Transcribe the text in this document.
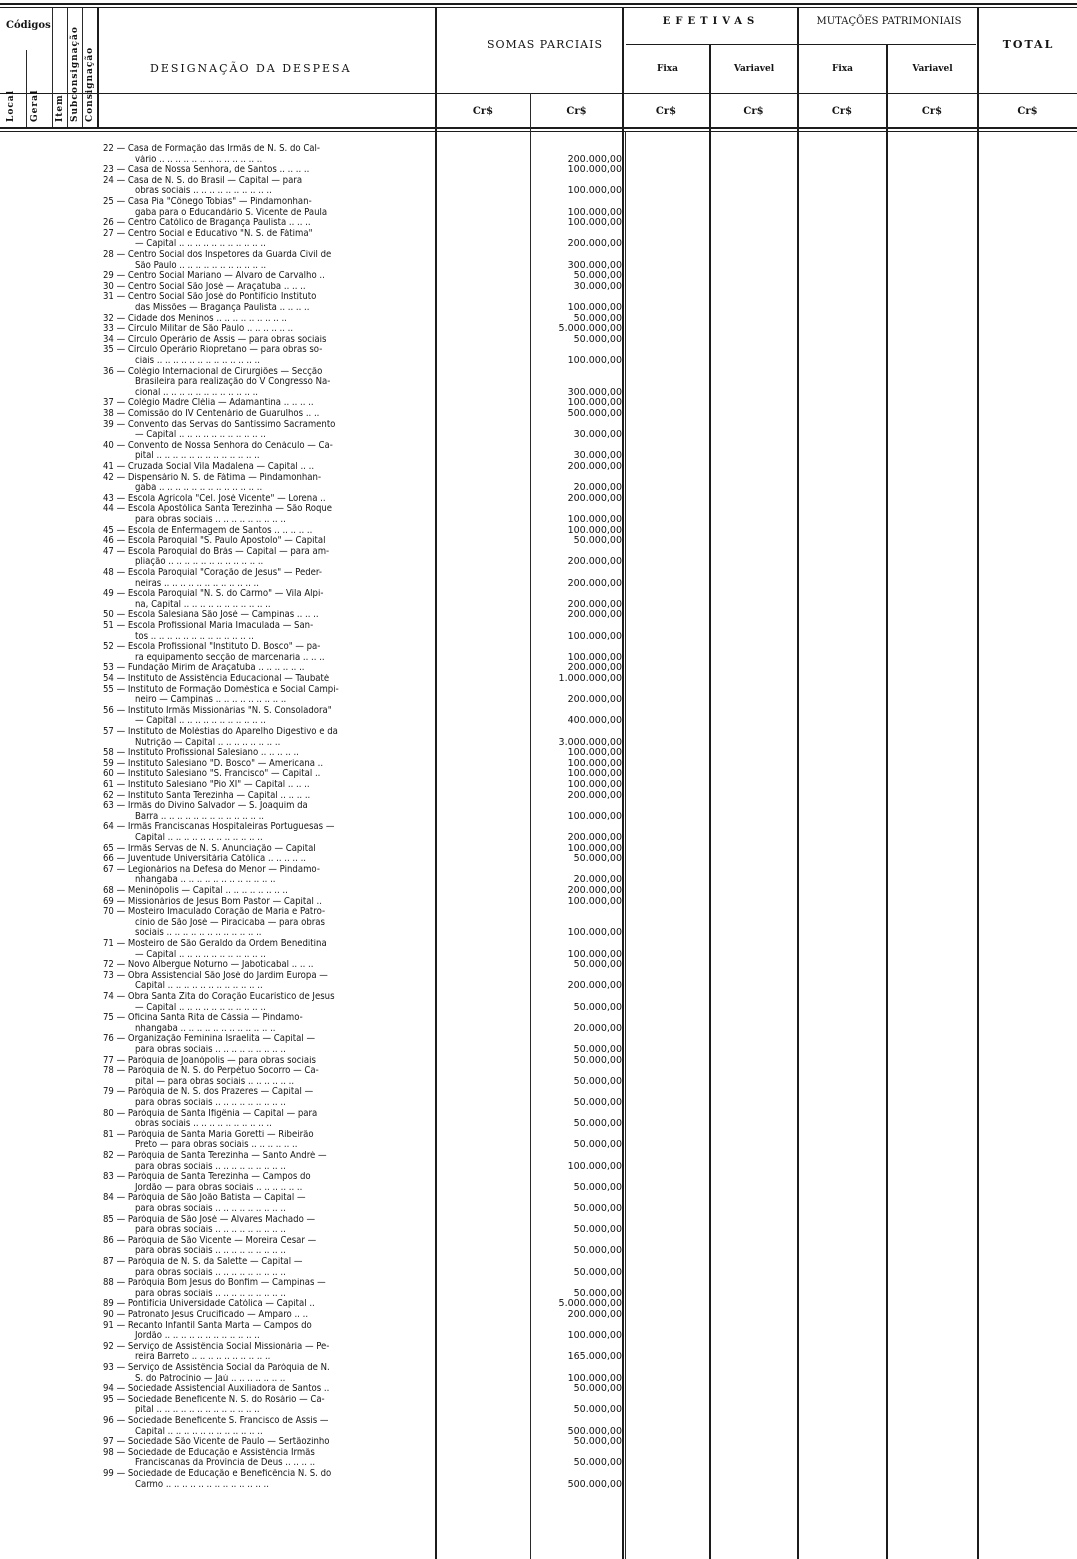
Códigos
Local Geral Item Subconsignação Consignação	DESIGNAÇÃO DA DESPESA
SOMAS PARCIAIS
EFETIVAS	MUTAÇÕES PATRIMONIAIS
TOTAL
Fixa	Variavel	Fixa	Variavel
Cr$	Cr$	Cr$	Cr$	Cr$	Cr$	Cr$
22 — Casa de Formação das Irmãs de N. S. do Cal-
vário .. .. .. .. .. .. .. .. .. .. .. .. ..	200.000,00
23 — Casa de Nossa Senhora, de Santos .. .. .. ..	100.000,00
24 — Casa de N. S. do Brasil — Capital — para
obras sociais .. .. .. .. .. .. .. .. .. ..	100.000,00
25 — Casa Pia "Cônego Tobias" — Pindamonhan-
gaba para o Educandário S. Vicente de Paula	100.000,00
26 — Centro Católico de Bragança Paulista .. .. ..	100.000,00
27 — Centro Social e Educativo "N. S. de Fátima"
— Capital .. .. .. .. .. .. .. .. .. .. ..	200.000,00
28 — Centro Social dos Inspetores da Guarda Civil de
São Paulo .. .. .. .. .. .. .. .. .. .. ..	300.000,00
29 — Centro Social Mariano — Alvaro de Carvalho ..	50.000,00
30 — Centro Social São José — Araçatuba .. .. ..	30.000,00
31 — Centro Social São José do Pontifício Instituto
das Missões — Bragança Paulista .. .. .. ..	100.000,00
32 — Cidade dos Meninos .. .. .. .. .. .. .. .. ..	50.000,00
33 — Círculo Militar de São Paulo .. .. .. .. .. ..	5.000.000,00
34 — Círculo Operário de Assis — para obras sociais	50.000,00
35 — Círculo Operário Riopretano — para obras so-
ciais .. .. .. .. .. .. .. .. .. .. .. .. ..	100.000,00
36 — Colégio Internacional de Cirurgiões — Secção
Brasileira para realização do V Congresso Na-
cional .. .. .. .. .. .. .. .. .. .. .. ..	300.000,00
37 — Colégio Madre Clélia — Adamantina .. .. .. ..	100.000,00
38 — Comissão do IV Centenário de Guarulhos .. ..	500.000,00
39 — Convento das Servas do Santíssimo Sacramento
— Capital .. .. .. .. .. .. .. .. .. .. ..	30.000,00
40 — Convento de Nossa Senhora do Cenáculo — Ca-
pital .. .. .. .. .. .. .. .. .. .. .. .. ..	30.000,00
41 — Cruzada Social Vila Madalena — Capital .. ..	200.000,00
42 — Dispensário N. S. de Fátima — Pindamonhan-
gaba .. .. .. .. .. .. .. .. .. .. .. .. ..	20.000,00
43 — Escola Agrícola "Cel. José Vicente" — Lorena ..	200.000,00
44 — Escola Apostólica Santa Terezinha — São Roque
para obras sociais .. .. .. .. .. .. .. .. ..	100.000,00
45 — Escola de Enfermagem de Santos .. .. .. .. ..	100.000,00
46 — Escola Paroquial "S. Paulo Apostolo" — Capital	50.000,00
47 — Escola Paroquial do Brás — Capital — para am-
pliação .. .. .. .. .. .. .. .. .. .. .. ..	200.000,00
48 — Escola Paroquial "Coração de Jesus" — Peder-
neiras .. .. .. .. .. .. .. .. .. .. .. ..	200.000,00
49 — Escola Paroquial "N. S. do Carmo" — Vila Alpi-
na, Capital .. .. .. .. .. .. .. .. .. .. ..	200.000,00
50 — Escola Salesiana São José — Campinas .. .. ..	200.000,00
51 — Escola Profissional Maria Imaculada — San-
tos .. .. .. .. .. .. .. .. .. .. .. .. ..	100.000,00
52 — Escola Profissional "Instituto D. Bosco" — pa-
ra equipamento secção de marcenaria .. .. ..	100.000,00
53 — Fundação Mirim de Araçatuba .. .. .. .. .. ..	200.000,00
54 — Instituto de Assistência Educacional — Taubaté	1.000.000,00
55 — Instituto de Formação Doméstica e Social Campi-
neiro — Campinas .. .. .. .. .. .. .. .. ..	200.000,00
56 — Instituto Irmãs Missionárias "N. S. Consoladora"
— Capital .. .. .. .. .. .. .. .. .. .. ..	400.000,00
57 — Instituto de Moléstias do Aparelho Digestivo e da
Nutrição — Capital .. .. .. .. .. .. .. ..	3.000.000,00
58 — Instituto Profissional Salesiano .. .. .. .. ..	100.000,00
59 — Instituto Salesiano "D. Bosco" — Americana ..	100.000,00
60 — Instituto Salesiano "S. Francisco" — Capital ..	100.000,00
61 — Instituto Salesiano "Pio XI" — Capital .. .. ..	100.000,00
62 — Instituto Santa Terezinha — Capital .. .. .. ..	200.000,00
63 — Irmãs do Divino Salvador — S. Joaquim da
Barra .. .. .. .. .. .. .. .. .. .. .. .. ..	100.000,00
64 — Irmãs Franciscanas Hospitaleiras Portuguesas —
Capital .. .. .. .. .. .. .. .. .. .. .. ..	200.000,00
65 — Irmãs Servas de N. S. Anunciação — Capital	100.000,00
66 — Juventude Universitária Católica .. .. .. .. ..	50.000,00
67 — Legionários na Defesa do Menor — Pindamo-
nhangaba .. .. .. .. .. .. .. .. .. .. .. ..	20.000,00
68 — Meninópolis — Capital .. .. .. .. .. .. .. ..	200.000,00
69 — Missionários de Jesus Bom Pastor — Capital ..	100.000,00
70 — Mosteiro Imaculado Coração de Maria e Patro-
cínio de São José — Piracicaba — para obras
sociais .. .. .. .. .. .. .. .. .. .. .. ..	100.000,00
71 — Mosteiro de São Geraldo da Ordem Beneditina
— Capital .. .. .. .. .. .. .. .. .. .. ..	100.000,00
72 — Novo Albergue Noturno — Jaboticabal .. .. ..	50.000,00
73 — Obra Assistencial São José do Jardim Europa —
Capital .. .. .. .. .. .. .. .. .. .. .. ..	200.000,00
74 — Obra Santa Zita do Coração Eucarístico de Jesus
— Capital .. .. .. .. .. .. .. .. .. .. ..	50.000,00
75 — Oficina Santa Rita de Cássia — Pindamo-
nhangaba .. .. .. .. .. .. .. .. .. .. .. ..	20.000,00
76 — Organização Feminina Israelita — Capital —
para obras sociais .. .. .. .. .. .. .. .. ..	50.000,00
77 — Paróquia de Joanópolis — para obras sociais	50.000,00
78 — Paróquia de N. S. do Perpétuo Socorro — Ca-
pital — para obras sociais .. .. .. .. .. ..	50.000,00
79 — Paróquia de N. S. dos Prazeres — Capital —
para obras sociais .. .. .. .. .. .. .. .. ..	50.000,00
80 — Paróquia de Santa Ifigênia — Capital — para
obras sociais .. .. .. .. .. .. .. .. .. ..	50.000,00
81 — Paróquia de Santa Maria Goretti — Ribeirão
Preto — para obras sociais .. .. .. .. .. ..	50.000,00
82 — Paróquia de Santa Terezinha — Santo André —
para obras sociais .. .. .. .. .. .. .. .. ..	100.000,00
83 — Paróquia de Santa Terezinha — Campos do
Jordão — para obras sociais .. .. .. .. .. ..	50.000,00
84 — Paróquia de São João Batista — Capital —
para obras sociais .. .. .. .. .. .. .. .. ..	50.000,00
85 — Paróquia de São José — Alvares Machado —
para obras sociais .. .. .. .. .. .. .. .. ..	50.000,00
86 — Paróquia de São Vicente — Moreira Cesar —
para obras sociais .. .. .. .. .. .. .. .. ..	50.000,00
87 — Paróquia de N. S. da Salette — Capital —
para obras sociais .. .. .. .. .. .. .. .. ..	50.000,00
88 — Paróquia Bom Jesus do Bonfim — Campinas —
para obras sociais .. .. .. .. .. .. .. .. ..	50.000,00
89 — Pontifícia Universidade Católica — Capital ..	5.000.000,00
90 — Patronato Jesus Crucificado — Amparo .. ..	200.000,00
91 — Recanto Infantil Santa Marta — Campos do
Jordão .. .. .. .. .. .. .. .. .. .. .. ..	100.000,00
92 — Serviço de Assistência Social Missionária — Pe-
reira Barreto .. .. .. .. .. .. .. .. .. ..	165.000,00
93 — Serviço de Assistência Social da Paróquia de N.
S. do Patrocínio — Jaú .. .. .. .. .. .. ..	100.000,00
94 — Sociedade Assistencial Auxiliadora de Santos ..	50.000,00
95 — Sociedade Beneficente N. S. do Rosário — Ca-
pital .. .. .. .. .. .. .. .. .. .. .. .. ..	50.000,00
96 — Sociedade Beneficente S. Francisco de Assis —
Capital .. .. .. .. .. .. .. .. .. .. .. ..	500.000,00
97 — Sociedade São Vicente de Paulo — Sertãozinho	50.000,00
98 — Sociedade de Educação e Assistência Irmãs
Franciscanas da Província de Deus .. .. .. ..	50.000,00
99 — Sociedade de Educação e Beneficência N. S. do
Carmo .. .. .. .. .. .. .. .. .. .. .. .. ..	500.000,00
